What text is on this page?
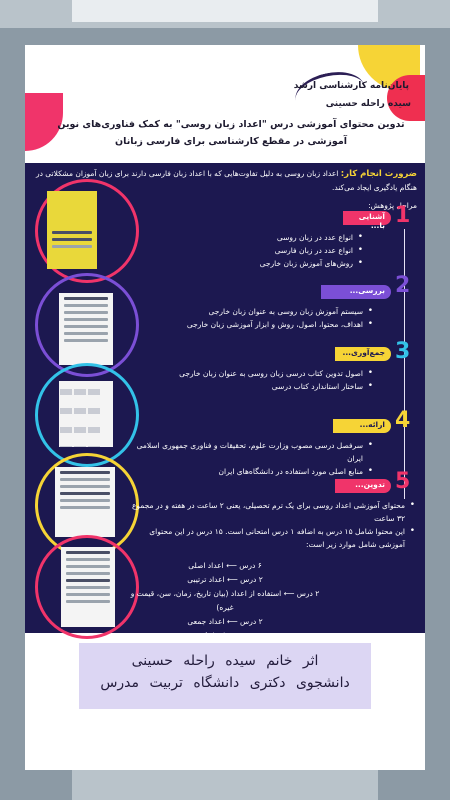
پایان‌نامه کارشناسی ارشد
سیده راحله حسینی
تدوین محتوای آموزشی درس "اعداد زبان روسی" به کمک فناوری‌های نوین
آموزشی در مقطع کارشناسی برای فارسی زبانان
ضرورت انجام کار: اعداد زبان روسی به دلیل تفاوت‌هایی که با اعداد زبان فارسی دارند برای زبان آموزان مشکلاتی در هنگام یادگیری ایجاد می‌کند.
مراحل پژوهش:

1
آشنایی با...
• انواع عدد در زبان روسی
• انواع عدد در زبان فارسی
• روش‌های آموزش زبان خارجی
2
بررسی...
• سیستم آموزش زبان روسی به عنوان زبان خارجی
• اهداف، محتوا، اصول، روش و ابزار آموزشی زبان خارجی
3
جمع‌آوری...
• اصول تدوین کتاب درسی زبان روسی به عنوان زبان خارجی
• ساختار استاندارد کتاب درسی
4
ارائه...
• سرفصل درسی مصوب وزارت علوم، تحقیقات و فناوری جمهوری اسلامی ایران
• منابع اصلی مورد استفاده در دانشگاه‌های ایران	5
تدوین...
• محتوای آموزشی اعداد روسی برای یک ترم تحصیلی، یعنی ۲ ساعت در هفته و در مجموع ۳۲ ساعت
• این محتوا شامل ۱۵ درس به اضافه ۱ درس امتحانی است. ۱۵ درس در این محتوای آموزشی شامل موارد زیر است:
۶ درس ⟵ اعداد اصلی
۲ درس ⟵ اعداد ترتیبی
۲ درس ⟵ استفاده از اعداد (بیان تاریخ، زمان، سن، قیمت و غیره)
۲ درس ⟵ اعداد جمعی
۳ درس ⟵ اعداد کسری
اثر خانم سیده راحله حسینی
دانشجوی دکتری دانشگاه تربیت مدرس
